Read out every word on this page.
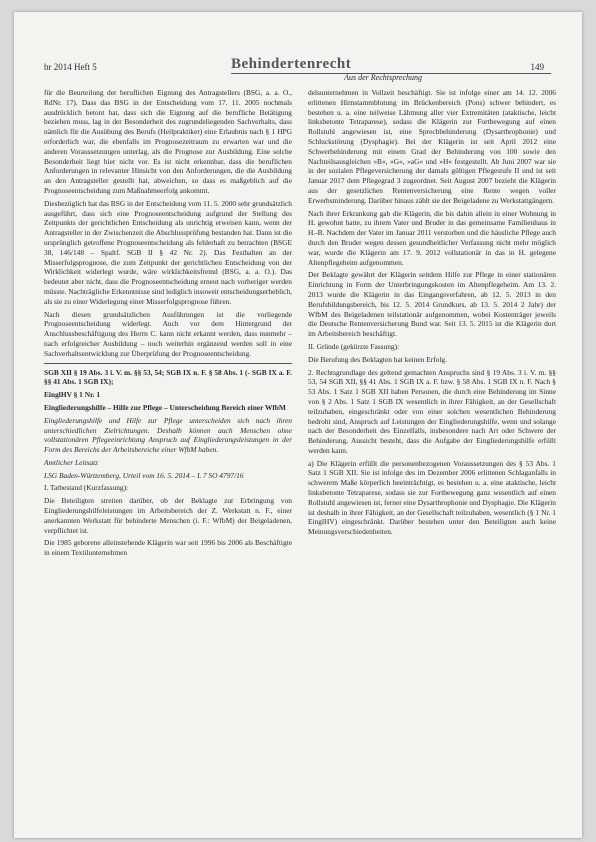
br 2014 Heft 5	Behindertenrecht	149
Aus der Rechtsprechung

für die Beurteilung der beruflichen Eignung des Antragstellers (BSG, a. a. O., RdNr. 17). Dass das BSG in der Entscheidung vom 17. 11. 2005 nochmals ausdrücklich betont hat, dass sich die Eignung auf die berufliche Betätigung beziehen muss, lag in der Besonderheit des zugrundeliegenden Sachverhalts, dass nämlich für die Ausübung des Berufs (Heilpraktiker) eine Erlaubnis nach § 1 HPG erforderlich war, die ebenfalls im Prognosezeitraum zu erwarten war und die anderen Voraussetzungen unterlag, als die Prognose zur Ausbildung. Eine solche Besonderheit liegt hier nicht vor. Es ist nicht erkennbar, dass die beruflichen Anforderungen in relevanter Hinsicht von den Anforderungen, die die Ausbildung an den Antragsteller gestellt hat, abweichen, so dass es maßgeblich auf die Prognoseentscheidung zum Maßnahmeerfolg ankommt.

Diesbezüglich hat das BSG in der Entscheidung vom 11. 5. 2000 sehr grundsätzlich ausgeführt, dass sich eine Prognoseentscheidung aufgrund der Stellung des Zeitpunkts der gerichtlichen Entscheidung als unrichtig erweisen kann, wenn der Antragsteller in der Zwischenzeit die Abschlussprüfung bestanden hat. Dann ist die ursprünglich getroffene Prognoseentscheidung als fehlerhaft zu betrachten (BSGE 38, 146/148 – Spaltf. SGB II § 42 Nr. 2). Das Festhalten an der Misserfolgsprognose, die zum Zeitpunkt der gerichtlichen Entscheidung von der Wirklichkeit widerlegt wurde, wäre wirklichkeitsfremd (BSG, a. a. O.). Das bedeutet aber nicht, dass die Prognoseentscheidung erneut nach vorheriger werden müsste. Nachträgliche Erkenntnisse sind lediglich insoweit entscheidungserheblich, als sie zu einer Widerlegung einer Misserfolgsprognose führen.

Nach diesen grundsätzlichen Ausführungen ist die vorliegende Prognoseentscheidung widerlegt. Auch vor dem Hintergrund der Anschlussbeschäftigung des Herrn C. kann nicht erkannt werden, dass nunmehr – nach erfolgreicher Ausbildung – noch weiterhin ergänzend werden soll in eine Sachverhaltsentwicklung zur Überprüfung der Prognoseentscheidung.

SGB XII § 19 Abs. 3 i. V. m. §§ 53, 54; SGB IX n. F. § 58 Abs. 1 (- SGB IX a. F. §§ 41 Abs. 1 SGB IX);

EinglHV § 1 Nr. 1

Eingliederungshilfe – Hilfe zur Pflege – Unterscheidung Bereich einer WfbM

Eingliederungshilfe und Hilfe zur Pflege unterscheiden sich nach ihren unterschiedlichen Zielrichtungen. Deshalb können auch Menschen ohne vollstationären Pflegeeinrichtung Anspruch auf Eingliederungsleistungen in der Form des Bereichs der Arbeitsbereiche einer WfbM haben.

Amtlicher Leitsatz

LSG Baden-Württemberg, Urteil vom 16. 5. 2014 – L 7 SO 4797/16

I. Tatbestand (Kurzfassung):

Die Beteiligten streiten darüber, ob der Beklagte zur Erbringung von Eingliederungshilfeleistungen im Arbeitsbereich der Z. Werkstatt n. F., einer anerkannten Werkstatt für behinderte Menschen (i. F.: WfbM) der Beigeladenen, verpflichtet ist.

Die 1985 geborene alleinstehende Klägerin war seit 1996 bis 2006 als Beschäftigte in einem Textilunternehmen

delsunternehmen in Vollzeit beschäftigt. Sie ist infolge einer am 14. 12. 2006 erlittenen Hirnstammblutung im Brückenbereich (Pons) schwer behindert, es bestehen u. a. eine teilweise Lähmung aller vier Extremitäten (ataktische, leicht linksbetonte Tetraparese), sodass die Klägerin zur Fortbewegung auf einen Rollstuhl angewiesen ist, eine Sprechbehinderung (Dysarthrophonie) und Schluckstörung (Dysphagie). Bei der Klägerin ist seit April 2012 eine Schwerbehinderung mit einem Grad der Behinderung von 100 sowie den Nachteilsausgleichen »B«, »G«, »aG« und »H« festgestellt. Ab Juni 2007 war sie in der sozialen Pflegeversicherung der damals gültigen Pflegestufe II und ist seit Januar 2017 dem Pflegegrad 3 zugeordnet. Seit August 2007 bezieht die Klägerin aus der gesetzlichen Rentenversicherung eine Rente wegen voller Erwerbsminderung. Darüber hinaus zählt sie der Beigeladene zu Werkstattgängern.

Nach ihrer Erkrankung gab die Klägerin, die bis dahin allein in einer Wohnung in H. gewohnt hatte, zu ihrem Vater und Bruder in das gemeinsame Familienhaus in H.-B. Nachdem der Vater im Januar 2011 verstorben und die häusliche Pflege auch durch den Bruder wegen dessen gesundheitlicher Verfassung nicht mehr möglich war, wurde die Klägerin am 17. 9. 2012 vollstationär in das in H. gelegene Altenpflegeheim aufgenommen.

Der Beklagte gewährt der Klägerin seitdem Hilfe zur Pflege in einer stationären Einrichtung in Form der Unterbringungskosten im Altenpflegeheim. Am 13. 2. 2013 wurde die Klägerin in das Eingangsverfahren, ab 12. 5. 2013 in den Berufsbildungsbereich, bis 12. 5. 2014 Grundkurs, ab 13. 5. 2014 2 Jahr) der WfbM des Beigeladenen teilstationär aufgenommen, wobei Kostenträger jeweils die Deutsche Rentenversicherung Bund war. Seit 13. 5. 2015 ist die Klägerin dort im Arbeitsbereich beschäftigt.

II. Gründe (gekürzte Fassung):

Die Berufung des Beklagten hat keinen Erfolg.

2. Rechtsgrundlage des geltend gemachten Anspruchs sind § 19 Abs. 3 i. V. m. §§ 53, 54 SGB XII, §§ 41 Abs. 1 SGB IX a. F. bzw. § 58 Abs. 1 SGB IX n. F. Nach § 53 Abs. 1 Satz 1 SGB XII haben Personen, die durch eine Behinderung im Sinne von § 2 Abs. 1 Satz 1 SGB IX wesentlich in ihrer Fähigkeit, an der Gesellschaft teilzuhaben, eingeschränkt oder von einer solchen wesentlichen Behinderung bedroht sind, Anspruch auf Leistungen der Eingliederungshilfe, wenn und solange nach der Besonderheit des Einzelfalls, insbesondere nach Art oder Schwere der Behinderung, Aussicht besteht, dass die Aufgabe der Eingliederungshilfe erfüllt werden kann.

a) Die Klägerin erfüllt die personenbezogenen Voraussetzungen des § 53 Abs. 1 Satz 1 SGB XII. Sie ist infolge des im Dezember 2006 erlittenen Schlaganfalls in schwerem Maße körperlich beeinträchtigt, es bestehen u. a. eine ataktische, leicht linksbetonte Tetraparese, sodass sie zur Fortbewegung ganz wesentlich auf einen Rollstuhl angewiesen ist, ferner eine Dysarthrophonie und Dysphagie. Die Klägerin ist deshalb in ihrer Fähigkeit, an der Gesellschaft teilzuhaben, wesentlich (§ 1 Nr. 1 EinglHV) eingeschränkt. Darüber bestehen unter den Beteiligten auch keine Meinungsverschiedenheiten.
